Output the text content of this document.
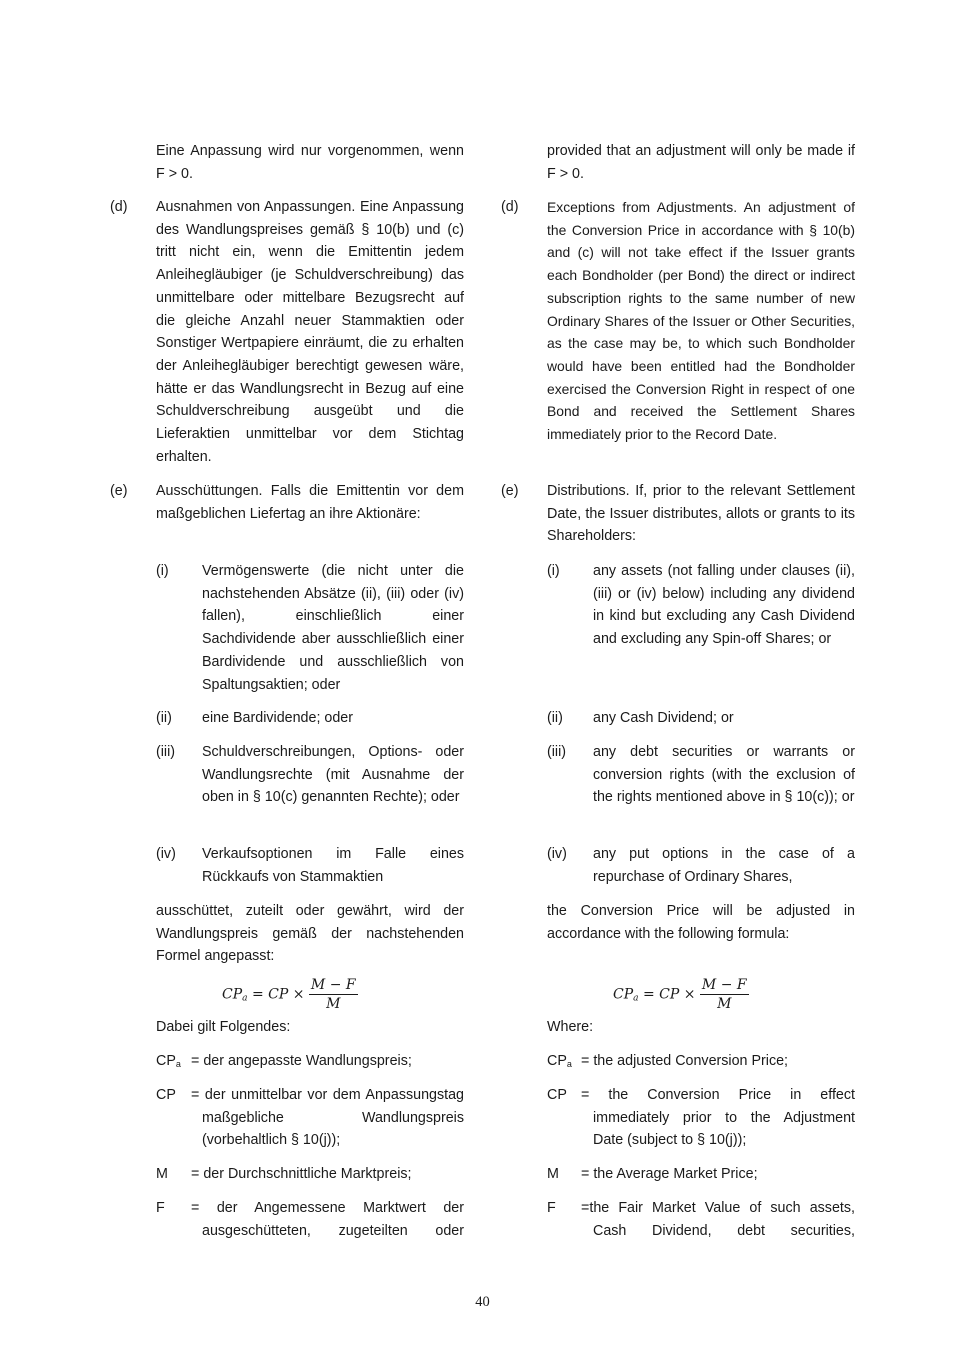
Eine Anpassung wird nur vorgenommen, wenn F > 0.
(d) Ausnahmen von Anpassungen. Eine Anpassung des Wandlungspreises gemäß § 10(b) und (c) tritt nicht ein, wenn die Emittentin jedem Anleihegläubiger (je Schuldverschreibung) das unmittelbare oder mittelbare Bezugsrecht auf die gleiche Anzahl neuer Stammaktien oder Sonstiger Wertpapiere einräumt, die zu erhalten der Anleihegläubiger berechtigt gewesen wäre, hätte er das Wandlungsrecht in Bezug auf eine Schuldverschreibung ausgeübt und die Lieferaktien unmittelbar vor dem Stichtag erhalten.
(e) Ausschüttungen. Falls die Emittentin vor dem maßgeblichen Liefertag an ihre Aktionäre:
(i) Vermögenswerte (die nicht unter die nachstehenden Absätze (ii), (iii) oder (iv) fallen), einschließlich einer Sachdividende aber ausschließlich einer Bardividende und ausschließlich von Spaltungsaktien; oder
(ii) eine Bardividende; oder
(iii) Schuldverschreibungen, Options- oder Wandlungsrechte (mit Ausnahme der oben in § 10(c) genannten Rechte); oder
(iv) Verkaufsoptionen im Falle eines Rückkaufs von Stammaktien
ausschüttet, zuteilt oder gewährt, wird der Wandlungspreis gemäß der nachstehenden Formel angepasst:
$CP_a$ = CP × $\frac{M - F}{M}$
Dabei gilt Folgendes:
$CP_a$ = der angepasste Wandlungspreis;
CP = der unmittelbar vor dem Anpassungstag
maßgebliche Wandlungspreis
(vorbehaltlich § 10(j));
M = der Durchschnittliche Marktpreis;
F = der Angemessene Marktwert der
ausgeschütteten, zugeteilten oder
provided that an adjustment will only be made if F > 0.
(d) Exceptions from Adjustments. An adjustment of the Conversion Price in accordance with § 10(b) and (c) will not take effect if the Issuer grants each Bondholder (per Bond) the direct or indirect subscription rights to the same number of new Ordinary Shares of the Issuer or Other Securities, as the case may be, to which such Bondholder would have been entitled had the Bondholder exercised the Conversion Right in respect of one Bond and received the Settlement Shares immediately prior to the Record Date.
(e) Distributions. If, prior to the relevant Settlement Date, the Issuer distributes, allots or grants to its Shareholders:
(i) any assets (not falling under clauses (ii), (iii) or (iv) below) including any dividend in kind but excluding any Cash Dividend and excluding any Spin-off Shares; or
(ii) any Cash Dividend; or
(iii) any debt securities or warrants or conversion rights (with the exclusion of the rights mentioned above in § 10(c)); or
(iv) any put options in the case of a repurchase of Ordinary Shares,
the Conversion Price will be adjusted in accordance with the following formula:
$CP_a$ = CP × $\frac{M - F}{M}$
Where:
$CP_a$ = the adjusted Conversion Price;
CP = the Conversion Price in effect
immediately prior to the Adjustment
Date (subject to § 10(j));
M = the Average Market Price;
F =the Fair Market Value of such assets,
Cash Dividend, debt securities,
40
